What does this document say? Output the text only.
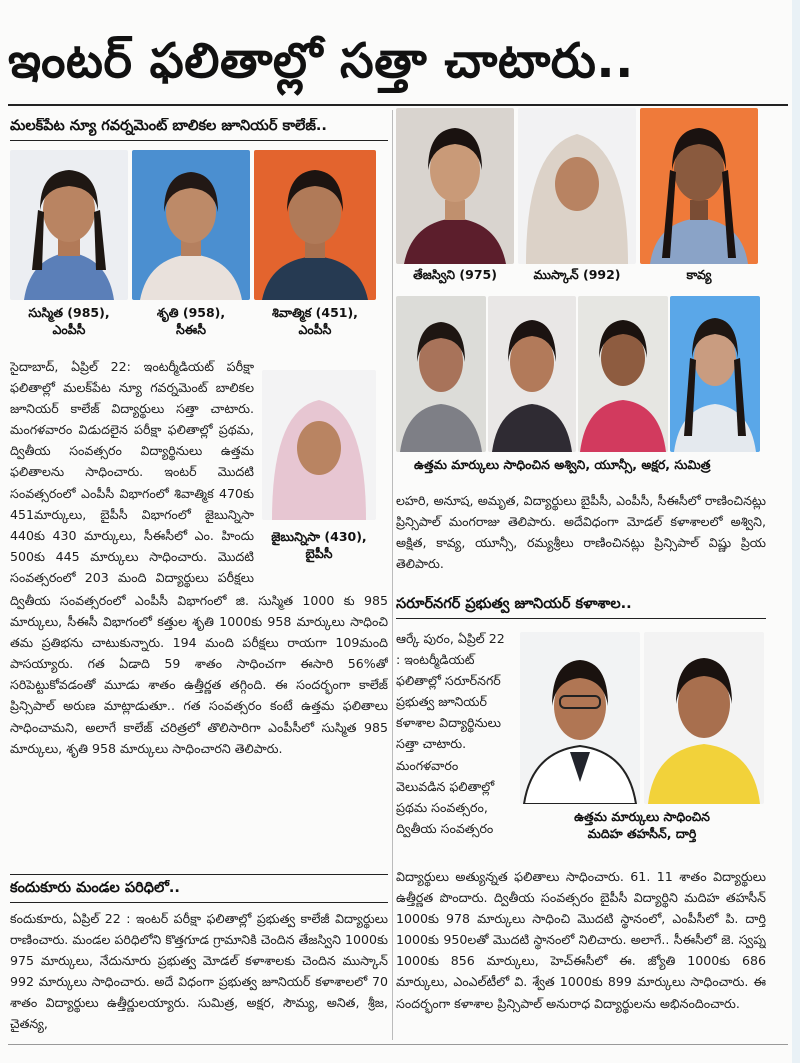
ఇంటర్ ఫలితాల్లో సత్తా చాటారు..
మలక్‌పేట న్యూ గవర్నమెంట్ బాలికల జూనియర్ కాలేజ్..
సుస్మిత (985),
ఎంపీసీ
శృతి (958),
సీఈసీ
శివాత్మిక (451),
ఎంపీసీ
జైబున్నిసా (430),
బైపీసీ

సైదాబాద్, ఏప్రిల్ 22: ఇంటర్మీడియట్ పరీక్షా ఫలితాల్లో మలక్‌పేట న్యూ గవర్నమెంట్ బాలికల జూనియర్ కాలేజ్ విద్యార్థులు సత్తా చాటారు. మంగళవారం విడుదలైన పరీక్షా ఫలితాల్లో ప్రథమ, ద్వితీయ సంవత్సరం విద్యార్థినులు ఉత్తమ ఫలితాలను సాధించారు. ఇంటర్ మొదటి సంవత్సరంలో ఎంపీసీ విభాగంలో శివాత్మిక 470కు 451మార్కులు, బైపీసీ విభాగంలో జైబున్నిసా 440కు 430 మార్కులు, సీఈసీలో ఎం. హిందు 500కు 445 మార్కులు సాధించారు. మొదటి సంవత్సరంలో 203 మంది విద్యార్థులు పరీక్షలు

ద్వితీయ సంవత్సరంలో ఎంపీసీ విభాగంలో జి. సుస్మిత 1000 కు 985 మార్కులు, సీఈసీ విభాగంలో కత్తుల శృతి 1000కు 958 మార్కులు సాధించి తమ ప్రతిభను చాటుకున్నారు. 194 మంది పరీక్షలు రాయగా 109మంది పాసయ్యారు. గత ఏడాది 59 శాతం సాధించగా ఈసారి 56%తో సరిపెట్టుకోవడంతో మూడు శాతం ఉత్తీర్ణత తగ్గింది. ఈ సందర్భంగా కాలేజ్ ప్రిన్సిపాల్ అరుణ మాట్లాడుతూ.. గత సంవత్సరం కంటే ఉత్తమ ఫలితాలు సాధించామని, అలాగే కాలేజ్ చరిత్రలో తొలిసారిగా ఎంపీసీలో సుస్మిత 985 మార్కులు, శృతి 958 మార్కులు సాధించారని తెలిపారు.

కందుకూరు మండల పరిధిలో..
కందుకూరు, ఏప్రిల్ 22 : ఇంటర్ పరీక్షా ఫలితాల్లో ప్రభుత్వ కాలేజీ విద్యార్థులు రాణించారు. మండల పరిధిలోని కొత్తగూడ గ్రామానికి చెందిన తేజస్విని 1000కు 975 మార్కులు, నేదునూరు ప్రభుత్వ మోడల్ కళాశాలకు చెందిన ముస్కాన్ 992 మార్కులు సాధించారు. అదే విధంగా ప్రభుత్వ జూనియర్ కళాశాలలో 70 శాతం విద్యార్థులు ఉత్తీర్ణులయ్యారు. సుమిత్ర, అక్షర, సౌమ్య, అనిత, శ్రీజ, చైతన్య,
తేజస్విని (975)	ముస్కాన్ (992)	కావ్య
ఉత్తమ మార్కులు సాధించిన అశ్విని, యూన్సీ, అక్షర, సుమిత్ర
లహరి, అనూష, అమృత, విద్యార్థులు బైపీసీ, ఎంపీసీ, సీఈసీలో రాణించినట్లు ప్రిన్సిపాల్ మంగరాజు తెలిపారు. అదేవిధంగా మోడల్ కళాశాలలో అశ్విని, అక్షిత, కావ్య, యూన్సీ, రమ్యశ్రీలు రాణించినట్లు ప్రిన్సిపాల్ విష్ణు ప్రియ తెలిపారు.
సరూర్‌నగర్ ప్రభుత్వ జూనియర్ కళాశాల..
ఆర్కే పురం, ఏప్రిల్ 22 : ఇంటర్మీడియట్ ఫలితాల్లో సరూర్‌నగర్ ప్రభుత్వ జూనియర్ కళాశాల విద్యార్థినులు సత్తా చాటారు. మంగళవారం వెలువడిన ఫలితాల్లో ప్రథమ సంవత్సరం, ద్వితీయ సంవత్సరం
ఉత్తమ మార్కులు సాధించిన
మదిహ తహసీన్, దార్తి
విద్యార్థులు అత్యున్నత ఫలితాలు సాధించారు. 61. 11 శాతం విద్యార్థులు ఉత్తీర్ణత పొందారు. ద్వితీయ సంవత్సరం బైపీసీ విద్యార్థిని మదిహ తహసీన్ 1000కు 978 మార్కులు సాధించి మొదటి స్థానంలో, ఎంపీసీలో పి. దార్తి 1000కు 950లతో మొదటి స్థానంలో నిలిచారు. అలాగే.. సీఈసీలో జె. స్వప్న 1000కు 856 మార్కులు, హెచ్ఈసీలో ఈ. జ్యోతి 1000కు 686 మార్కులు, ఎంఎల్‌టీలో వి. శ్వేత 1000కు 899 మార్కులు సాధించారు. ఈ సందర్భంగా కళాశాల ప్రిన్సిపాల్ అనురాధ విద్యార్థులను అభినందించారు.
